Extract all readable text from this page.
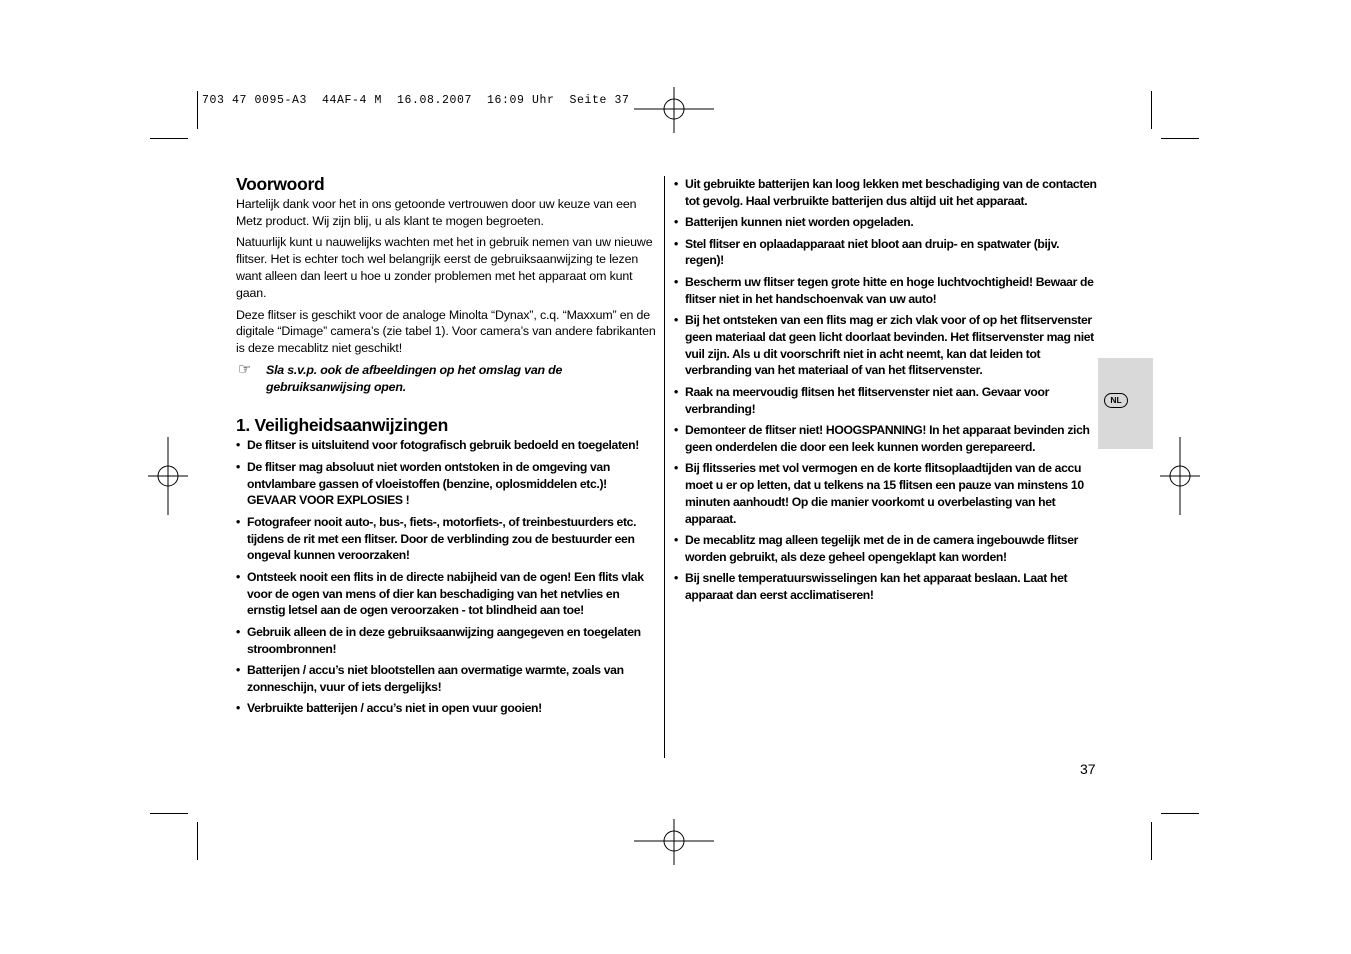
703 47 0095-A3  44AF-4 M  16.08.2007  16:09 Uhr  Seite 37
Voorwoord

Hartelijk dank voor het in ons getoonde vertrouwen door uw keuze van een Metz product. Wij zijn blij, u als klant te mogen begroeten.

Natuurlijk kunt u nauwelijks wachten met het in gebruik nemen van uw nieuwe flitser. Het is echter toch wel belangrijk eerst de gebruiksaanwijzing te lezen want alleen dan leert u hoe u zonder problemen met het apparaat om kunt gaan.

Deze flitser is geschikt voor de analoge Minolta “Dynax”, c.q. “Maxxum” en de digitale “Dimage” camera’s (zie tabel 1). Voor camera’s van andere fabrikanten is deze mecablitz niet geschikt!

☞	Sla s.v.p. ook de afbeeldingen op het omslag van de gebruiksanwijsing open.
1. Veiligheidsaanwijzingen
• De flitser is uitsluitend voor fotografisch gebruik bedoeld en toegelaten!
• De flitser mag absoluut niet worden ontstoken in de omgeving van ontvlambare gassen of vloeistoffen (benzine, oplosmiddelen etc.)! GEVAAR VOOR EXPLOSIES !
• Fotografeer nooit auto-, bus-, fiets-, motorfiets-, of treinbestuurders etc. tijdens de rit met een flitser. Door de verblinding zou de bestuurder een ongeval kunnen veroorzaken!
• Ontsteek nooit een flits in de directe nabijheid van de ogen! Een flits vlak voor de ogen van mens of dier kan beschadiging van het netvlies en ernstig letsel aan de ogen veroorzaken - tot blindheid aan toe!
• Gebruik alleen de in deze gebruiksaanwijzing aangegeven en toegelaten stroombronnen!
• Batterijen / accu’s niet blootstellen aan overmatige warmte, zoals van zonneschijn, vuur of iets dergelijks!
• Verbruikte batterijen / accu’s niet in open vuur gooien!
• Uit gebruikte batterijen kan loog lekken met beschadiging van de contacten tot gevolg. Haal verbruikte batterijen dus altijd uit het apparaat.
• Batterijen kunnen niet worden opgeladen.
• Stel flitser en oplaadapparaat niet bloot aan druip- en spatwater (bijv. regen)!
• Bescherm uw flitser tegen grote hitte en hoge luchtvochtigheid! Bewaar de flitser niet in het handschoenvak van uw auto!
• Bij het ontsteken van een flits mag er zich vlak voor of op het flitservenster geen materiaal dat geen licht doorlaat bevinden. Het flitservenster mag niet vuil zijn. Als u dit voorschrift niet in acht neemt, kan dat leiden tot verbranding van het materiaal of van het flitservenster.
• Raak na meervoudig flitsen het flitservenster niet aan. Gevaar voor verbranding!
• Demonteer de flitser niet! HOOGSPANNING! In het apparaat bevinden zich geen onderdelen die door een leek kunnen worden gerepareerd.
• Bij flitsseries met vol vermogen en de korte flitsoplaadtijden van de accu moet u er op letten, dat u telkens na 15 flitsen een pauze van minstens 10 minuten aanhoudt! Op die manier voorkomt u overbelasting van het apparaat.
• De mecablitz mag alleen tegelijk met de in de camera ingebouwde flitser worden gebruikt, als deze geheel opengeklapt kan worden!
• Bij snelle temperatuurswisselingen kan het apparaat beslaan. Laat het apparaat dan eerst acclimatiseren!
NL
37
